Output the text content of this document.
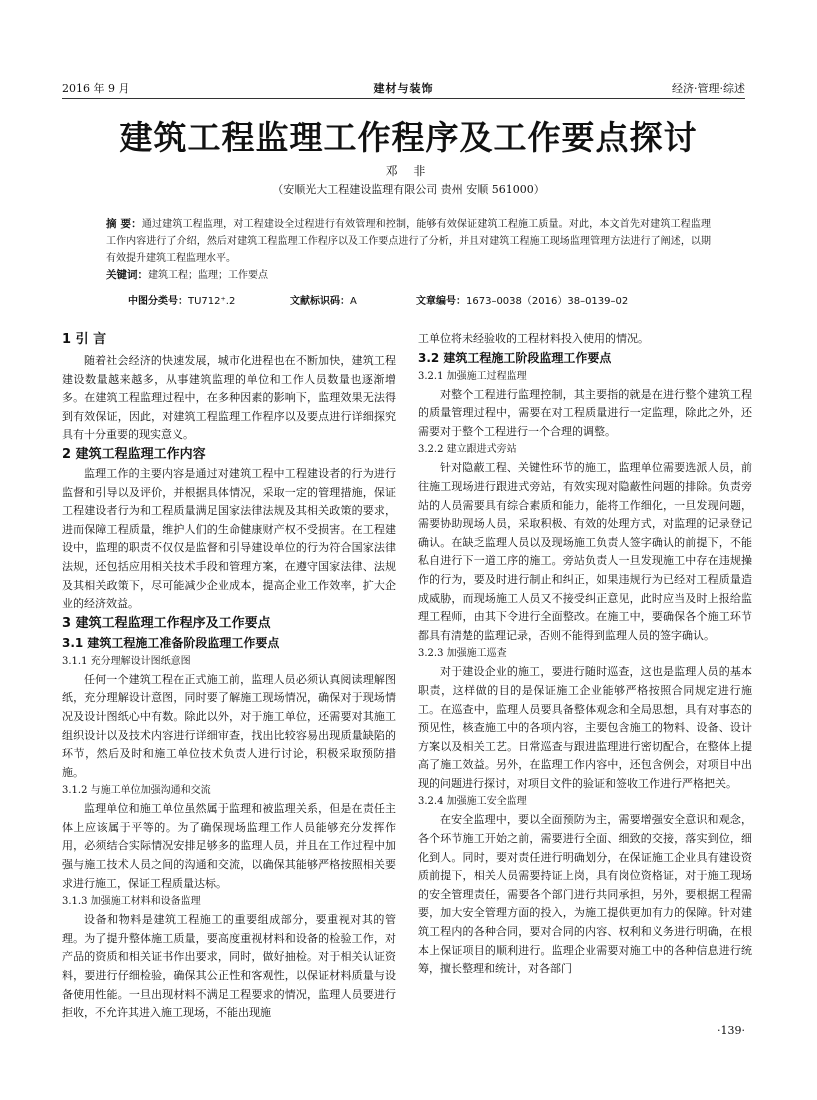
2016 年 9 月	建材与装饰	经济·管理·综述
建筑工程监理工作程序及工作要点探讨
邓 非
（安顺光大工程建设监理有限公司 贵州 安顺 561000）
摘 要：通过建筑工程监理，对工程建设全过程进行有效管理和控制，能够有效保证建筑工程施工质量。对此，本文首先对建筑工程监理工作内容进行了介绍，然后对建筑工程监理工作程序以及工作要点进行了分析，并且对建筑工程施工现场监理管理方法进行了阐述，以期有效提升建筑工程监理水平。
关键词：建筑工程；监理；工作要点
中图分类号：TU712⁺.2	文献标识码：A	文章编号：1673–0038（2016）38–0139–02
1 引 言

随着社会经济的快速发展，城市化进程也在不断加快，建筑工程建设数量越来越多，从事建筑监理的单位和工作人员数量也逐渐增多。在建筑工程监理过程中，在多种因素的影响下，监理效果无法得到有效保证，因此，对建筑工程监理工作程序以及要点进行详细探究具有十分重要的现实意义。

2 建筑工程监理工作内容

监理工作的主要内容是通过对建筑工程中工程建设者的行为进行监督和引导以及评价，并根据具体情况，采取一定的管理措施，保证工程建设者行为和工程质量满足国家法律法规及其相关政策的要求，进而保障工程质量，维护人们的生命健康财产权不受损害。在工程建设中，监理的职责不仅仅是监督和引导建设单位的行为符合国家法律法规，还包括应用相关技术手段和管理方案，在遵守国家法律、法规及其相关政策下，尽可能减少企业成本，提高企业工作效率，扩大企业的经济效益。

3 建筑工程监理工作程序及工作要点
3.1 建筑工程施工准备阶段监理工作要点
3.1.1 充分理解设计图纸意图

任何一个建筑工程在正式施工前，监理人员必须认真阅读理解图纸，充分理解设计意图，同时要了解施工现场情况，确保对于现场情况及设计图纸心中有数。除此以外，对于施工单位，还需要对其施工组织设计以及技术内容进行详细审查，找出比较容易出现质量缺陷的环节，然后及时和施工单位技术负责人进行讨论，积极采取预防措施。

3.1.2 与施工单位加强沟通和交流

监理单位和施工单位虽然属于监理和被监理关系，但是在责任主体上应该属于平等的。为了确保现场监理工作人员能够充分发挥作用，必须结合实际情况安排足够多的监理人员，并且在工作过程中加强与施工技术人员之间的沟通和交流，以确保其能够严格按照相关要求进行施工，保证工程质量达标。

3.1.3 加强施工材料和设备监理

设备和物料是建筑工程施工的重要组成部分，要重视对其的管理。为了提升整体施工质量，要高度重视材料和设备的检验工作，对产品的资质和相关证书作出要求，同时，做好抽检。对于相关认证资料，要进行仔细检验，确保其公正性和客观性，以保证材料质量与设备使用性能。一旦出现材料不满足工程要求的情况，监理人员要进行拒收，不允许其进入施工现场，不能出现施

工单位将未经验收的工程材料投入使用的情况。

3.2 建筑工程施工阶段监理工作要点
3.2.1 加强施工过程监理

对整个工程进行监理控制，其主要指的就是在进行整个建筑工程的质量管理过程中，需要在对工程质量进行一定监理，除此之外，还需要对于整个工程进行一个合理的调整。

3.2.2 建立跟进式旁站

针对隐蔽工程、关键性环节的施工，监理单位需要选派人员，前往施工现场进行跟进式旁站，有效实现对隐蔽性问题的排除。负责旁站的人员需要具有综合素质和能力，能将工作细化，一旦发现问题，需要协助现场人员，采取积极、有效的处理方式，对监理的记录登记确认。在缺乏监理人员以及现场施工负责人签字确认的前提下，不能私自进行下一道工序的施工。旁站负责人一旦发现施工中存在违规操作的行为，要及时进行制止和纠正，如果违规行为已经对工程质量造成威胁，而现场施工人员又不接受纠正意见，此时应当及时上报给监理工程师，由其下令进行全面整改。在施工中，要确保各个施工环节都具有清楚的监理记录，否则不能得到监理人员的签字确认。

3.2.3 加强施工巡查

对于建设企业的施工，要进行随时巡查，这也是监理人员的基本职责，这样做的目的是保证施工企业能够严格按照合同规定进行施工。在巡查中，监理人员要具备整体观念和全局思想，具有对事态的预见性，核查施工中的各项内容，主要包含施工的物料、设备、设计方案以及相关工艺。日常巡查与跟进监理进行密切配合，在整体上提高了施工效益。另外，在监理工作内容中，还包含例会，对项目中出现的问题进行探讨，对项目文件的验证和签收工作进行严格把关。

3.2.4 加强施工安全监理

在安全监理中，要以全面预防为主，需要增强安全意识和观念，各个环节施工开始之前，需要进行全面、细致的交接，落实到位，细化到人。同时，要对责任进行明确划分，在保证施工企业具有建设资质前提下，相关人员需要持证上岗，具有岗位资格证，对于施工现场的安全管理责任，需要各个部门进行共同承担，另外，要根据工程需要，加大安全管理方面的投入，为施工提供更加有力的保障。针对建筑工程内的各种合同，要对合同的内容、权利和义务进行明确，在根本上保证项目的顺利进行。监理企业需要对施工中的各种信息进行统筹，擅长整理和统计，对各部门

·139·
